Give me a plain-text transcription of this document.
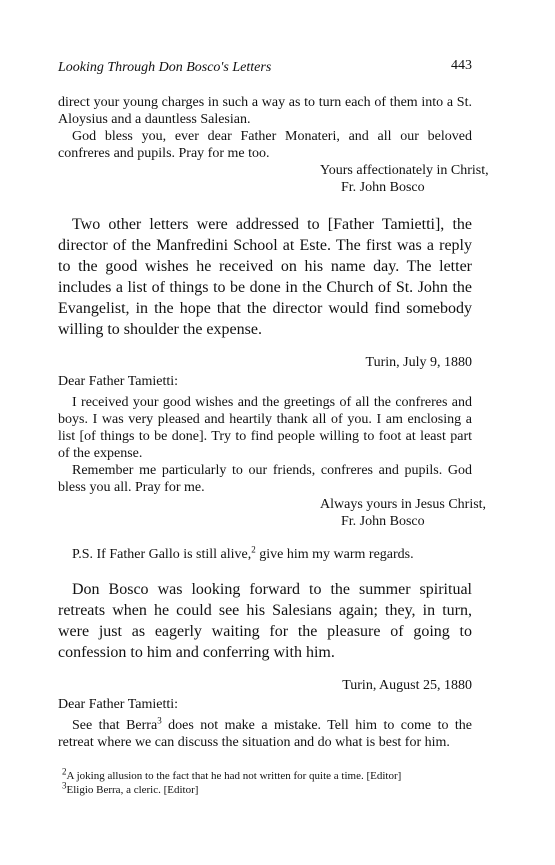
Looking Through Don Bosco's Letters	443

direct your young charges in such a way as to turn each of them into a St. Aloysius and a dauntless Salesian.

God bless you, ever dear Father Monateri, and all our beloved confreres and pupils. Pray for me too.

Yours affectionately in Christ,
Fr. John Bosco

Two other letters were addressed to [Father Tamietti], the director of the Manfredini School at Este. The first was a reply to the good wishes he received on his name day. The letter includes a list of things to be done in the Church of St. John the Evangelist, in the hope that the director would find somebody willing to shoulder the expense.

Turin, July 9, 1880
Dear Father Tamietti:

I received your good wishes and the greetings of all the confreres and boys. I was very pleased and heartily thank all of you. I am enclosing a list [of things to be done]. Try to find people willing to foot at least part of the expense.

Remember me particularly to our friends, confreres and pupils. God bless you all. Pray for me.

Always yours in Jesus Christ,
Fr. John Bosco

P.S. If Father Gallo is still alive,$^2$ give him my warm regards.

Don Bosco was looking forward to the summer spiritual retreats when he could see his Salesians again; they, in turn, were just as eagerly waiting for the pleasure of going to confession to him and conferring with him.

Turin, August 25, 1880
Dear Father Tamietti:

See that Berra$^3$ does not make a mistake. Tell him to come to the retreat where we can discuss the situation and do what is best for him.

$^2$A joking allusion to the fact that he had not written for quite a time. [Editor]
$^3$Eligio Berra, a cleric. [Editor]
